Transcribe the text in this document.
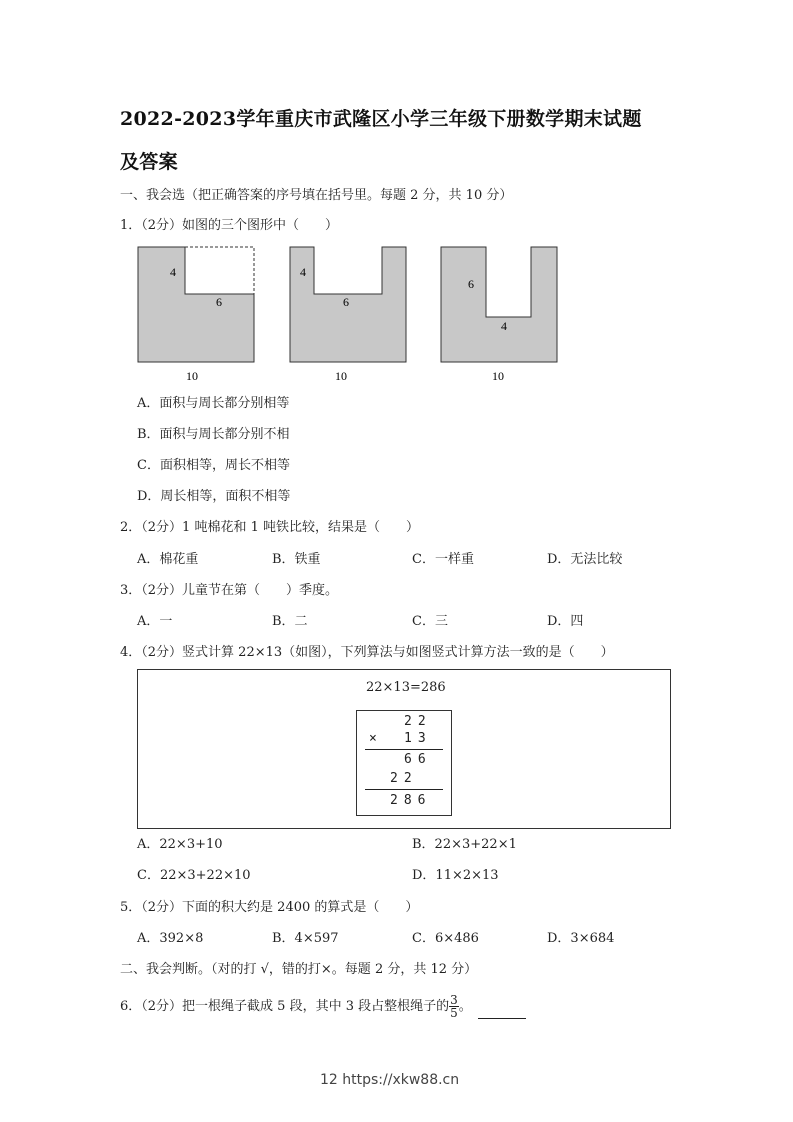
2022-2023学年重庆市武隆区小学三年级下册数学期末试题
及答案
一、我会选（把正确答案的序号填在括号里。每题 2 分，共 10 分）
1．（2分）如图的三个图形中（　　）
4
6
10
4
6
10
6
4
10
A．面积与周长都分别相等
B．面积与周长都分别不相
C．面积相等，周长不相等
D．周长相等，面积不相等
2．（2分）1 吨棉花和 1 吨铁比较，结果是（　　）
A．棉花重	B．铁重	C．一样重	D．无法比较
3．（2分）儿童节在第（　　）季度。
A．一	B．二	C．三	D．四
4．（2分）竖式计算 22×13（如图），下列算法与如图竖式计算方法一致的是（　　）
22×13=286
22
× 13
66
22
286
A．22×3+10	B．22×3+22×1
C．22×3+22×10	D．11×2×13
5．（2分）下面的积大约是 2400 的算式是（　　）
A．392×8	B．4×597	C．6×486	D．3×684
二、我会判断。（对的打 √，错的打×。每题 2 分，共 12 分）
6．（2分）把一根绳子截成 5 段，其中 3 段占整根绳子的 $\frac{3}{5}$ 。
12 https://xkw88.cn
